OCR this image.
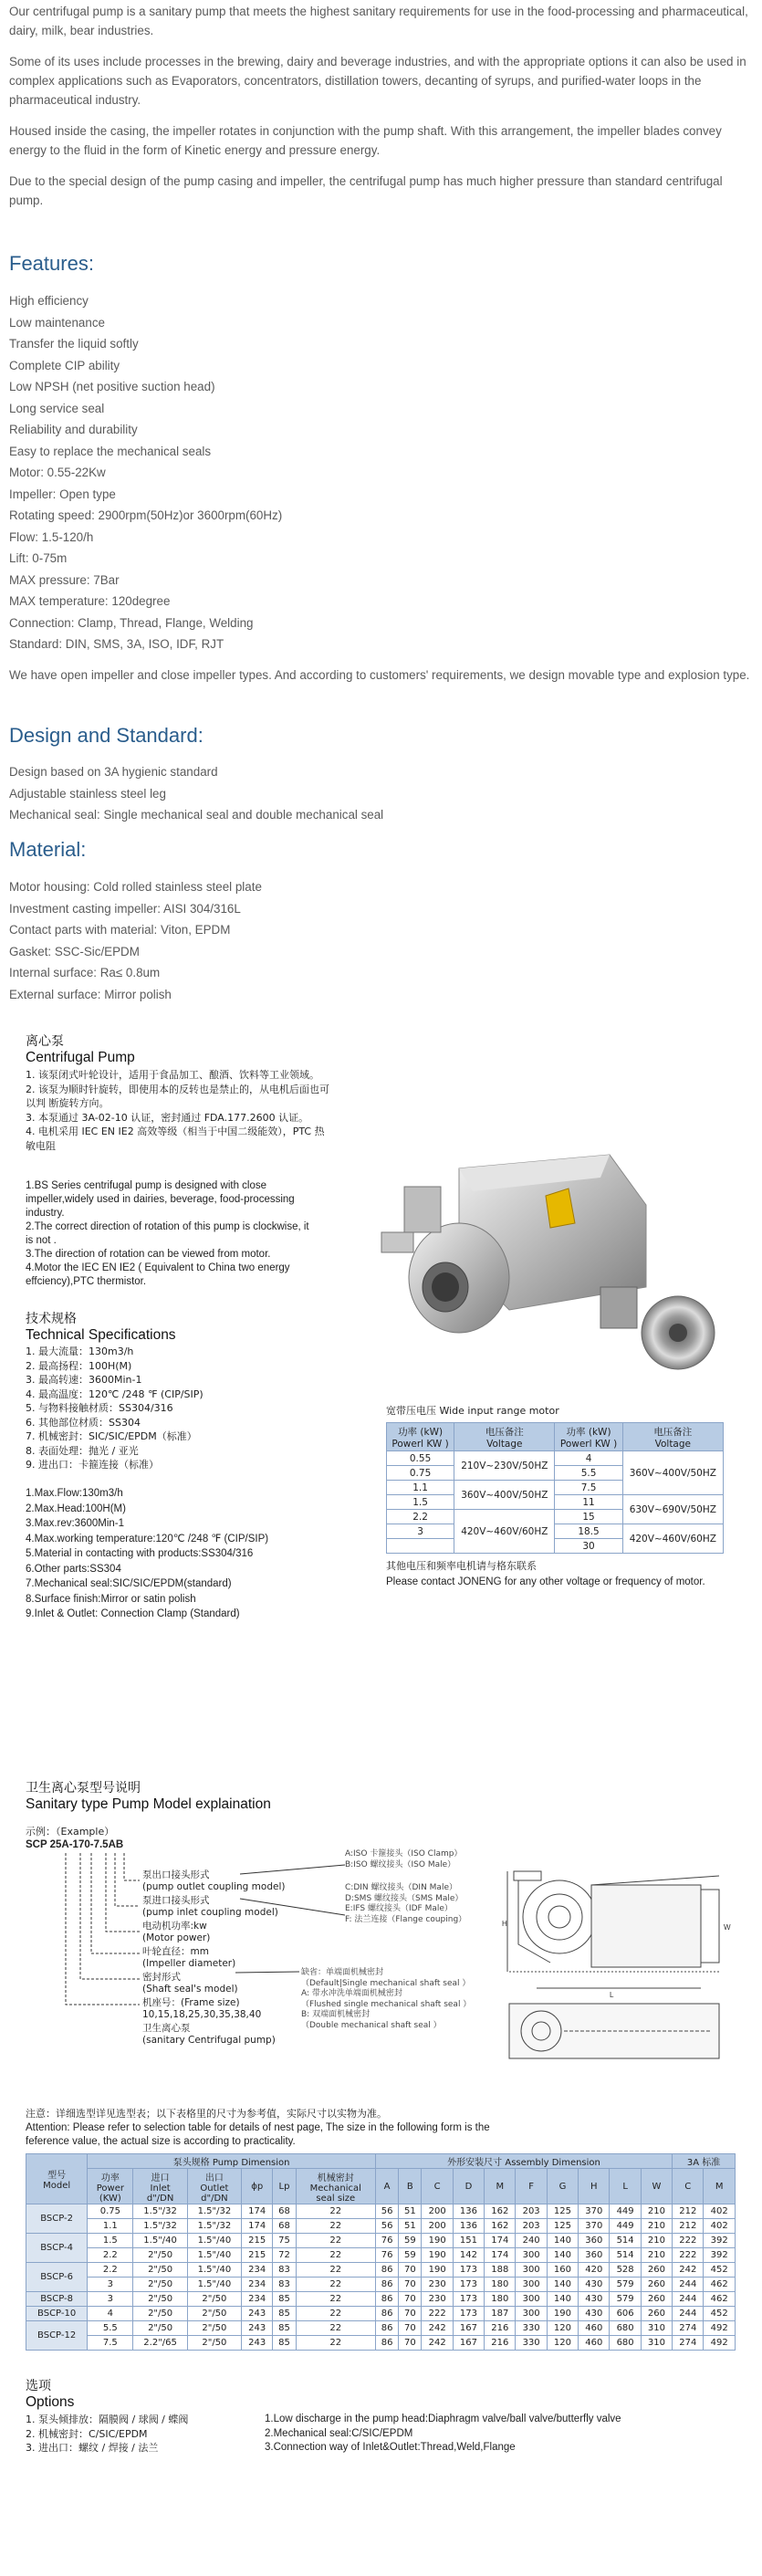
Our centrifugal pump is a sanitary pump that meets the highest sanitary requirements for use in the food-processing and pharmaceutical, dairy, milk, bear industries.

Some of its uses include processes in the brewing, dairy and beverage industries, and with the appropriate options it can also be used in complex applications such as Evaporators, concentrators, distillation towers, decanting of syrups, and purified-water loops in the pharmaceutical industry.

Housed inside the casing, the impeller rotates in conjunction with the pump shaft. With this arrangement, the impeller blades convey energy to the fluid in the form of Kinetic energy and pressure energy.

Due to the special design of the pump casing and impeller, the centrifugal pump has much higher pressure than standard centrifugal pump.

Features:
High efficiency
Low maintenance
Transfer the liquid softly
Complete CIP ability
Low NPSH (net positive suction head)
Long service seal
Reliability and durability
Easy to replace the mechanical seals
Motor: 0.55-22Kw
Impeller: Open type
Rotating speed: 2900rpm(50Hz)or 3600rpm(60Hz)
Flow: 1.5-120/h
Lift: 0-75m
MAX pressure: 7Bar
MAX temperature: 120degree
Connection: Clamp, Thread, Flange, Welding
Standard: DIN, SMS, 3A, ISO, IDF, RJT

We have open impeller and close impeller types. And according to customers' requirements, we design movable type and explosion type.

Design and Standard:
Design based on 3A hygienic standard
Adjustable stainless steel leg
Mechanical seal: Single mechanical seal and double mechanical seal
Material:
Motor housing: Cold rolled stainless steel plate
Investment casting impeller: AISI 304/316L
Contact parts with material: Viton, EPDM
Gasket: SSC-Sic/EPDM
Internal surface: Ra≤ 0.8um
External surface: Mirror polish
离心泵
Centrifugal Pump
1. 该泵闭式叶轮设计，适用于食品加工、酿酒、饮料等工业领域。
2. 该泵为顺时针旋转，即使用本的反转也是禁止的，从电机后面也可
以判 断旋转方向。
3. 本泵通过 3A-02-10 认证，密封通过 FDA.177.2600 认证。
4. 电机采用 IEC EN IE2 高效等级（相当于中国二级能效），PTC 热
敏电阻
1.BS Series centrifugal pump is designed with close
impeller,widely used in dairies, beverage, food-processing
industry.
2.The correct direction of rotation of this pump is clockwise, it
is not .
3.The direction of rotation can be viewed from motor.
4.Motor the IEC EN IE2 ( Equivalent to China two energy
effciency),PTC thermistor.
技术规格
Technical Specifications
1. 最大流量：130m3/h
2. 最高扬程：100H(M)
3. 最高转速：3600Min-1
4. 最高温度：120℃ /248 ℉ (CIP/SIP)
5. 与物料接触材质：SS304/316
6. 其他部位材质：SS304
7. 机械密封：SIC/SIC/EPDM（标准）
8. 表面处理：抛光 / 亚光
9. 进出口：卡箍连接（标准）
1.Max.Flow:130m3/h
2.Max.Head:100H(M)
3.Max.rev:3600Min-1
4.Max.working temperature:120℃ /248 ℉ (CIP/SIP)
5.Material in contacting with products:SS304/316
6.Other parts:SS304
7.Mechanical seal:SIC/SIC/EPDM(standard)
8.Surface finish:Mirror or satin polish
9.Inlet & Outlet: Connection Clamp (Standard)
宽带压电压 Wide input range motor
功率 (kW)
Powerl KW )	电压备注
Voltage	功率 (kW)
Powerl KW )	电压备注
Voltage
0.55	210V~230V/50HZ	4	360V~400V/50HZ
0.75		5.5	
1.1	360V~400V/50HZ	7.5	
1.5		11	630V~690V/50HZ
2.2	420V~460V/60HZ	15	
3		18.5	420V~460V/60HZ
		30	
其他电压和频率电机请与格东联系
Please contact JONENG for any other voltage or frequency of motor.
卫生离心泵型号说明
Sanitary type Pump Model explaination
示例：（Example）
SCP 25A-170-7.5AB
泵出口接头形式
(pump outlet coupling model)
泵进口接头形式
(pump inlet coupling model)
电动机功率:kw
(Motor power)
叶轮直径：mm
(Impeller diameter)
密封形式
(Shaft seal's model)
机座号：(Frame size)
10,15,18,25,30,35,38,40
卫生离心泵
(sanitary Centrifugal pump)
A:ISO 卡箍接头（ISO Clamp）
B:ISO 螺纹接头（ISO Male）
C:DIN 螺纹接头（DIN Male）
D:SMS 螺纹接头（SMS Male）
E:IFS 螺纹接头（IDF Male）
F: 法兰连接（Flange couping）
缺省：单端面机械密封
（Default|Single mechanical shaft seal ）
A: 带水冲洗单端面机械密封
（Flushed single mechanical shaft seal ）
B: 双端面机械密封
（Double mechanical shaft seal ）
H
L
W
注意：详细选型详见选型表；以下表格里的尺寸为参考值，实际尺寸以实物为准。
Attention: Please refer to selection table for details of nest page, The size in the following form is the
feference value, the actual size is according to practicality.
型号
Model	泵头规格 Pump Dimension						外形安装尺寸 Assembly Dimension										3A 标准	
	功率
Power
(KW)	进口
Inlet
d"/DN	出口
Outlet
d"/DN	ϕp	Lp	机械密封
Mechanical
seal size	A	B	C	D	M	F	G	H	L	W	C	M
BSCP-2	0.75	1.5"/32	1.5"/32	174	68	22	56	51	200	136	162	203	125	370	449	210	212	402
	1.1	1.5"/32	1.5"/32	174	68	22	56	51	200	136	162	203	125	370	449	210	212	402
BSCP-4	1.5	1.5"/40	1.5"/40	215	75	22	76	59	190	151	174	240	140	360	514	210	222	392
	2.2	2"/50	1.5"/40	215	72	22	76	59	190	142	174	300	140	360	514	210	222	392
BSCP-6	2.2	2"/50	1.5"/40	234	83	22	86	70	190	173	188	300	160	420	528	260	242	452
	3	2"/50	1.5"/40	234	83	22	86	70	230	173	180	300	140	430	579	260	244	462
BSCP-8	3	2"/50	2"/50	234	85	22	86	70	230	173	180	300	140	430	579	260	244	462
BSCP-10	4	2"/50	2"/50	243	85	22	86	70	222	173	187	300	190	430	606	260	244	452
BSCP-12	5.5	2"/50	2"/50	243	85	22	86	70	242	167	216	330	120	460	680	310	274	492
	7.5	2.2"/65	2"/50	243	85	22	86	70	242	167	216	330	120	460	680	310	274	492
选项
Options
1. 泵头倾排放：隔膜阀 / 球阀 / 蝶阀
2. 机械密封：C/SIC/EPDM
3. 进出口：螺纹 / 焊接 / 法兰
1.Low discharge in the pump head:Diaphragm valve/ball valve/butterfly valve
2.Mechanical seal:C/SIC/EPDM
3.Connection way of Inlet&Outlet:Thread,Weld,Flange
